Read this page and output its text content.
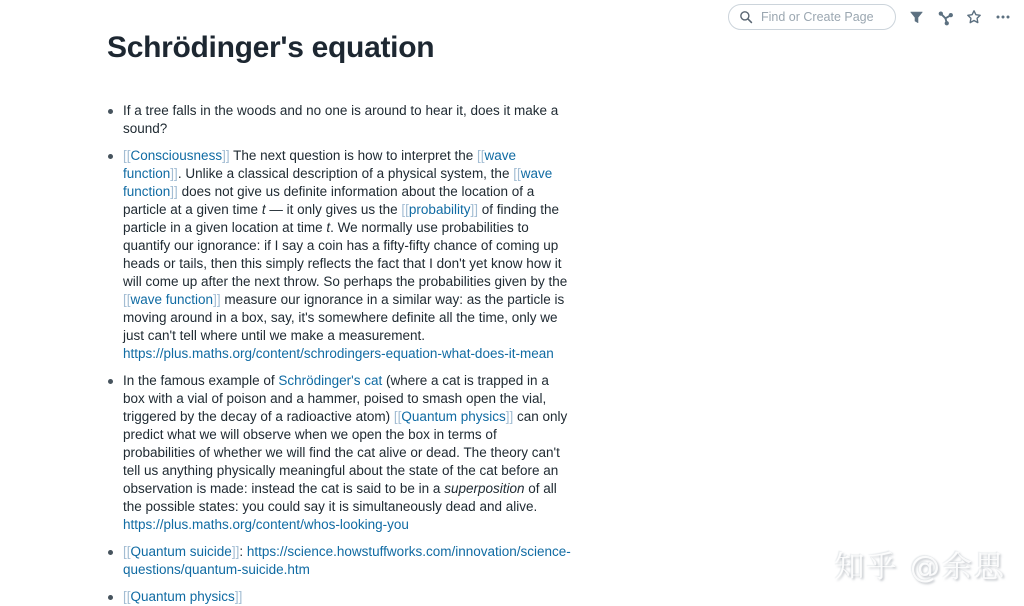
Find or Create Page
Schrödinger's equation
If a tree falls in the woods and no one is around to hear it, does it make a sound?
[[Consciousness]] The next question is how to interpret the [[wave function]]. Unlike a classical description of a physical system, the [[wave function]] does not give us definite information about the location of a particle at a given time t — it only gives us the [[probability]] of finding the particle in a given location at time t. We normally use probabilities to quantify our ignorance: if I say a coin has a fifty-fifty chance of coming up heads or tails, then this simply reflects the fact that I don't yet know how it will come up after the next throw. So perhaps the probabilities given by the [[wave function]] measure our ignorance in a similar way: as the particle is moving around in a box, say, it's somewhere definite all the time, only we just can't tell where until we make a measurement. https://plus.maths.org/content/schrodingers-equation-what-does-it-mean
In the famous example of Schrödinger's cat (where a cat is trapped in a box with a vial of poison and a hammer, poised to smash open the vial, triggered by the decay of a radioactive atom) [[Quantum physics]] can only predict what we will observe when we open the box in terms of probabilities of whether we will find the cat alive or dead. The theory can't tell us anything physically meaningful about the state of the cat before an observation is made: instead the cat is said to be in a superposition of all the possible states: you could say it is simultaneously dead and alive. https://plus.maths.org/content/whos-looking-you
[[Quantum suicide]]: https://science.howstuffworks.com/innovation/science-questions/quantum-suicide.htm
[[Quantum physics]]
知乎 @余思
